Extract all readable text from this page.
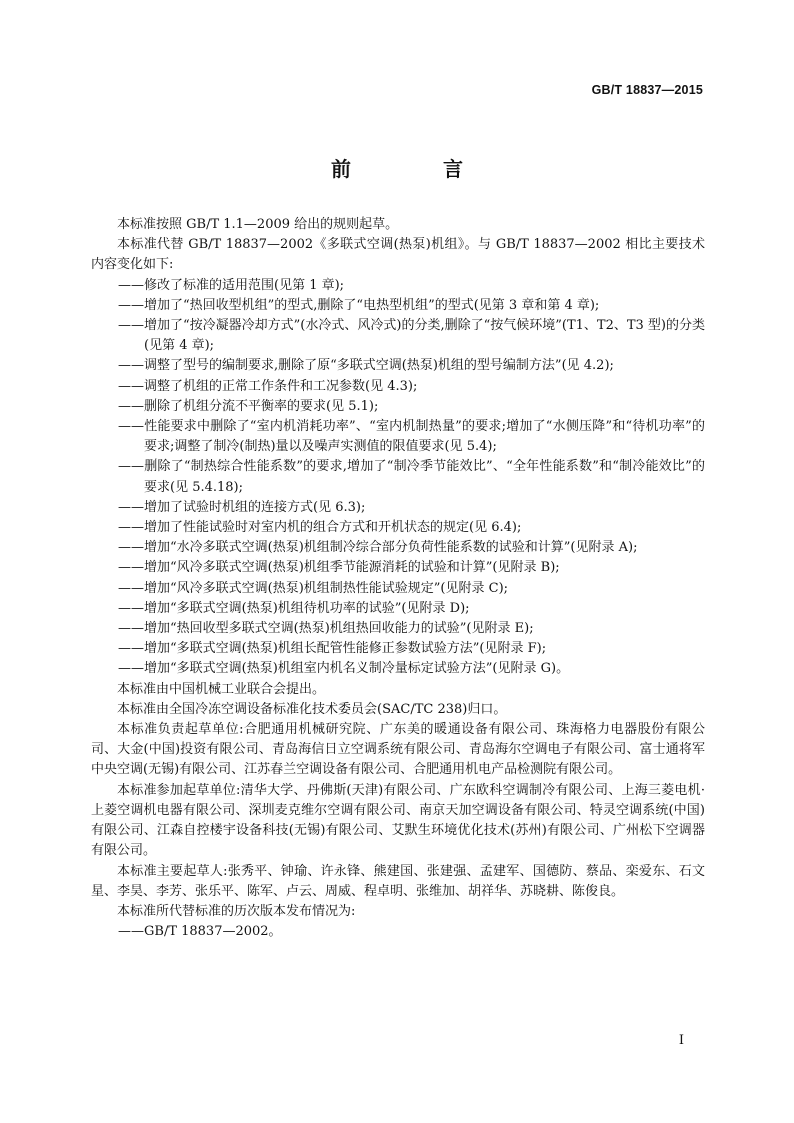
GB/T 18837—2015
前　言

本标准按照 GB/T 1.1—2009 给出的规则起草。

本标准代替 GB/T 18837—2002《多联式空调(热泵)机组》。与 GB/T 18837—2002 相比主要技术内容变化如下:

——修改了标准的适用范围(见第 1 章);

——增加了“热回收型机组”的型式,删除了“电热型机组”的型式(见第 3 章和第 4 章);

——增加了“按冷凝器冷却方式”(水冷式、风冷式)的分类,删除了“按气候环境”(T1、T2、T3 型)的分类(见第 4 章);

——调整了型号的编制要求,删除了原“多联式空调(热泵)机组的型号编制方法”(见 4.2);

——调整了机组的正常工作条件和工况参数(见 4.3);

——删除了机组分流不平衡率的要求(见 5.1);

——性能要求中删除了“室内机消耗功率”、“室内机制热量”的要求;增加了“水侧压降”和“待机功率”的要求;调整了制冷(制热)量以及噪声实测值的限值要求(见 5.4);

——删除了“制热综合性能系数”的要求,增加了“制冷季节能效比”、“全年性能系数”和“制冷能效比”的要求(见 5.4.18);

——增加了试验时机组的连接方式(见 6.3);

——增加了性能试验时对室内机的组合方式和开机状态的规定(见 6.4);

——增加“水冷多联式空调(热泵)机组制冷综合部分负荷性能系数的试验和计算”(见附录 A);

——增加“风冷多联式空调(热泵)机组季节能源消耗的试验和计算”(见附录 B);

——增加“风冷多联式空调(热泵)机组制热性能试验规定”(见附录 C);

——增加“多联式空调(热泵)机组待机功率的试验”(见附录 D);

——增加“热回收型多联式空调(热泵)机组热回收能力的试验”(见附录 E);

——增加“多联式空调(热泵)机组长配管性能修正参数试验方法”(见附录 F);

——增加“多联式空调(热泵)机组室内机名义制冷量标定试验方法”(见附录 G)。

本标准由中国机械工业联合会提出。

本标准由全国冷冻空调设备标准化技术委员会(SAC/TC 238)归口。

本标准负责起草单位:合肥通用机械研究院、广东美的暖通设备有限公司、珠海格力电器股份有限公司、大金(中国)投资有限公司、青岛海信日立空调系统有限公司、青岛海尔空调电子有限公司、富士通将军中央空调(无锡)有限公司、江苏春兰空调设备有限公司、合肥通用机电产品检测院有限公司。

本标准参加起草单位:清华大学、丹佛斯(天津)有限公司、广东欧科空调制冷有限公司、上海三菱电机·上菱空调机电器有限公司、深圳麦克维尔空调有限公司、南京天加空调设备有限公司、特灵空调系统(中国)有限公司、江森自控楼宇设备科技(无锡)有限公司、艾默生环境优化技术(苏州)有限公司、广州松下空调器有限公司。

本标准主要起草人:张秀平、钟瑜、许永锋、熊建国、张建强、孟建军、国德防、蔡品、栾爱东、石文星、李昊、李芳、张乐平、陈军、卢云、周威、程卓明、张维加、胡祥华、苏晓耕、陈俊良。

本标准所代替标准的历次版本发布情况为:

——GB/T 18837—2002。

I
